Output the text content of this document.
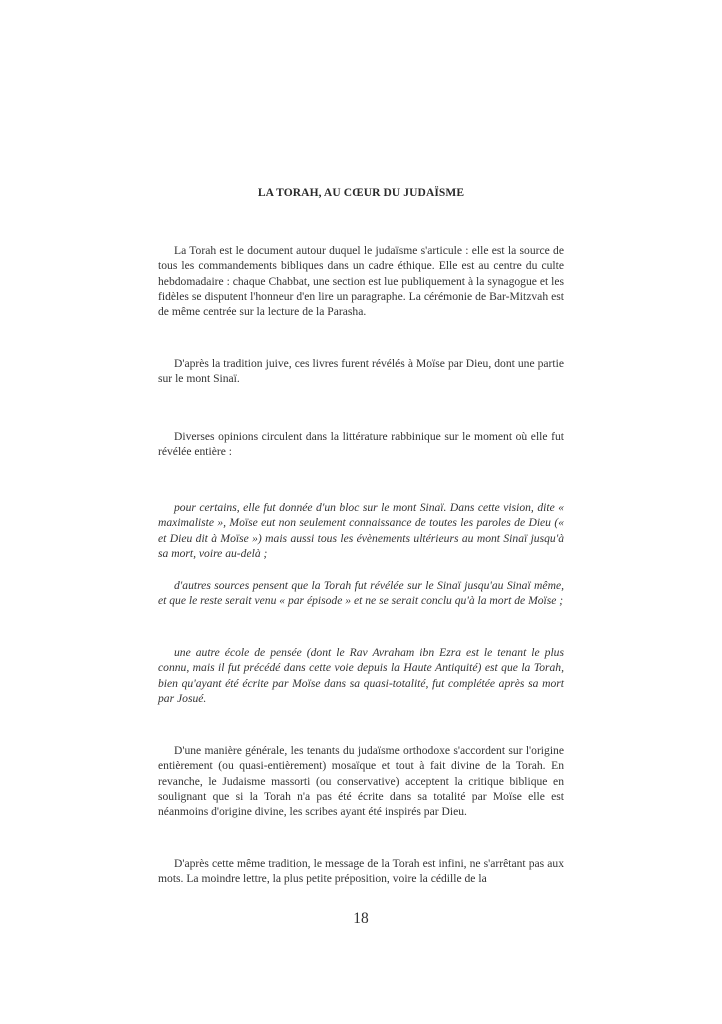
LA TORAH, AU CŒUR DU JUDAÏSME

La Torah est le document autour duquel le judaïsme s'articule : elle est la source de tous les commandements bibliques dans un cadre éthique. Elle est au centre du culte hebdomadaire : chaque Chabbat, une section est lue publiquement à la synagogue et les fidèles se disputent l'honneur d'en lire un paragraphe. La cérémonie de Bar-Mitzvah est de même centrée sur la lecture de la Parasha.

D'après la tradition juive, ces livres furent révélés à Moïse par Dieu, dont une partie sur le mont Sinaï.

Diverses opinions circulent dans la littérature rabbinique sur le moment où elle fut révélée entière :

pour certains, elle fut donnée d'un bloc sur le mont Sinaï. Dans cette vision, dite « maximaliste », Moïse eut non seulement connaissance de toutes les paroles de Dieu (« et Dieu dit à Moïse ») mais aussi tous les évènements ultérieurs au mont Sinaï jusqu'à sa mort, voire au-delà ;

d'autres sources pensent que la Torah fut révélée sur le Sinaï jusqu'au Sinaï même, et que le reste serait venu « par épisode » et ne se serait conclu qu'à la mort de Moïse ;

une autre école de pensée (dont le Rav Avraham ibn Ezra est le tenant le plus connu, mais il fut précédé dans cette voie depuis la Haute Antiquité) est que la Torah, bien qu'ayant été écrite par Moïse dans sa quasi-totalité, fut complétée après sa mort par Josué.

D'une manière générale, les tenants du judaïsme orthodoxe s'accordent sur l'origine entièrement (ou quasi-entièrement) mosaïque et tout à fait divine de la Torah. En revanche, le Judaisme massorti (ou conservative) acceptent la critique biblique en soulignant que si la Torah n'a pas été écrite dans sa totalité par Moïse elle est néanmoins d'origine divine, les scribes ayant été inspirés par Dieu.

D'après cette même tradition, le message de la Torah est infini, ne s'arrêtant pas aux mots. La moindre lettre, la plus petite préposition, voire la cédille de la

18
